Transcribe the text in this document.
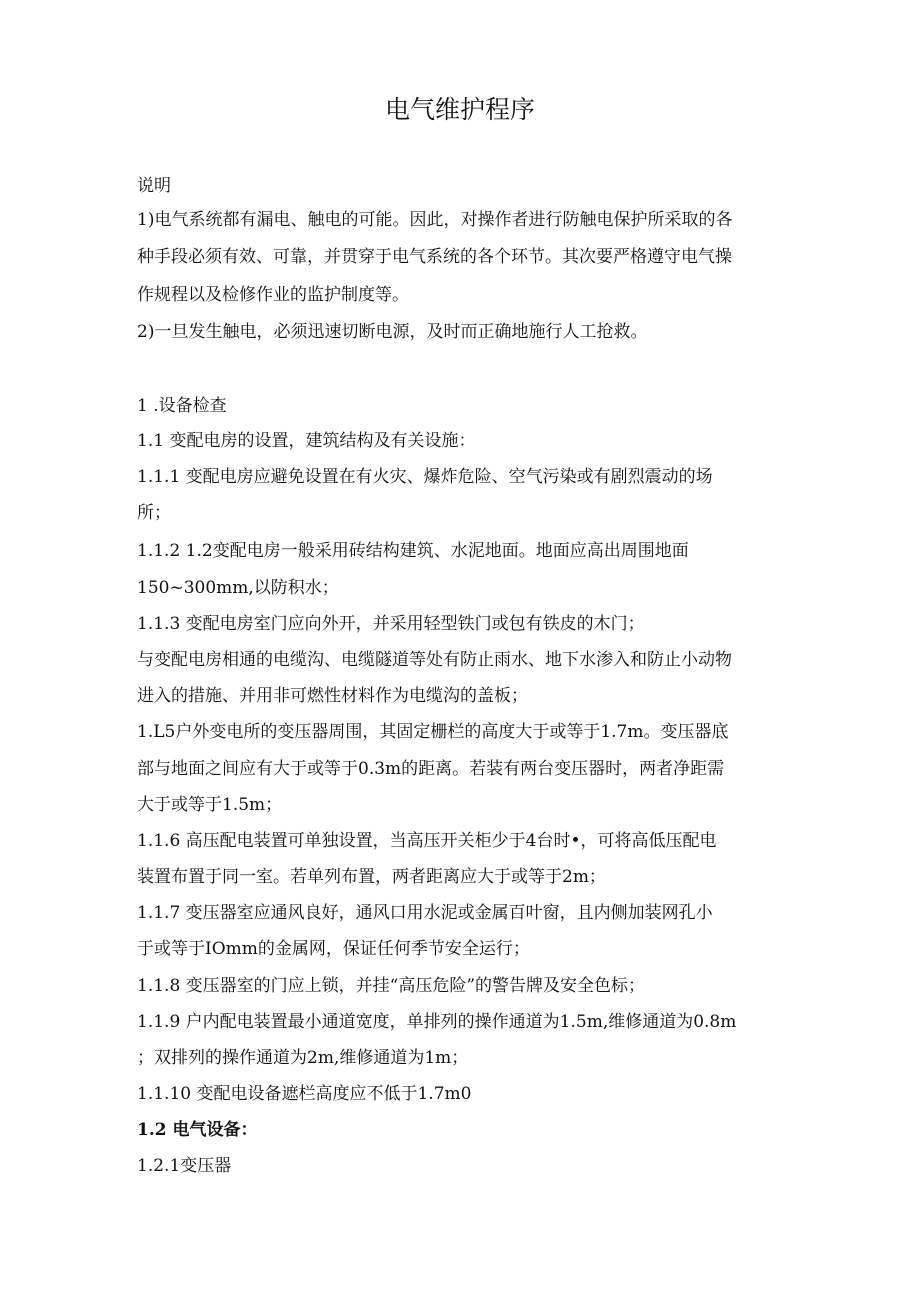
电气维护程序
说明
1)电气系统都有漏电、触电的可能。因此，对操作者进行防触电保护所采取的各
种手段必须有效、可靠，并贯穿于电气系统的各个环节。其次要严格遵守电气操
作规程以及检修作业的监护制度等。
2)一旦发生触电，必须迅速切断电源，及时而正确地施行人工抢救。
1 .设备检查
1.1 变配电房的设置，建筑结构及有关设施：
1.1.1 变配电房应避免设置在有火灾、爆炸危险、空气污染或有剧烈震动的场
所；
1.1.2 1.2变配电房一般采用砖结构建筑、水泥地面。地面应高出周围地面
150~300mm,以防积水；
1.1.3 变配电房室门应向外开，并采用轻型铁门或包有铁皮的木门；
与变配电房相通的电缆沟、电缆隧道等处有防止雨水、地下水渗入和防止小动物
进入的措施、并用非可燃性材料作为电缆沟的盖板；
1.L5户外变电所的变压器周围，其固定栅栏的高度大于或等于1.7m。变压器底
部与地面之间应有大于或等于0.3m的距离。若装有两台变压器时，两者净距需
大于或等于1.5m；
1.1.6 高压配电装置可单独设置，当高压开关柜少于4台时•，可将高低压配电
装置布置于同一室。若单列布置，两者距离应大于或等于2m；
1.1.7 变压器室应通风良好，通风口用水泥或金属百叶窗，且内侧加装网孔小
于或等于IOmm的金属网，保证任何季节安全运行；
1.1.8 变压器室的门应上锁，并挂“高压危险”的警告牌及安全色标；
1.1.9 户内配电装置最小通道宽度，单排列的操作通道为1.5m,维修通道为0.8m
；双排列的操作通道为2m,维修通道为1m；
1.1.10 变配电设备遮栏高度应不低于1.7m0
1.2 电气设备：
1.2.1变压器
